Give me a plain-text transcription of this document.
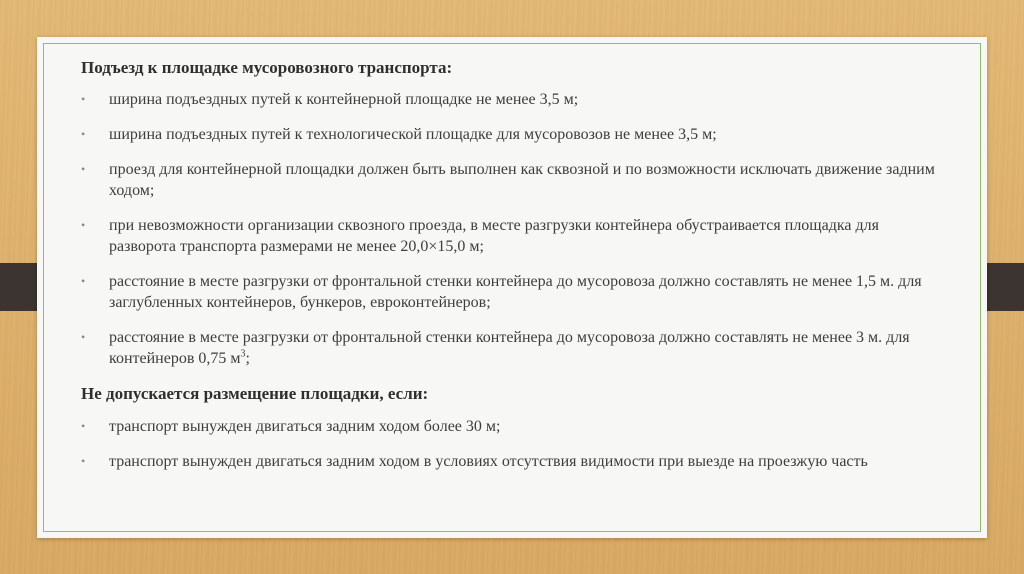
Подъезд к площадке мусоровозного транспорта:
• ширина подъездных путей к контейнерной площадке не менее 3,5 м;
• ширина подъездных путей к технологической площадке для мусоровозов не менее 3,5 м;
• проезд для контейнерной площадки должен быть выполнен как сквозной и по возможности исключать движение задним ходом;
• при невозможности организации сквозного проезда, в месте разгрузки контейнера обустраивается площадка для разворота транспорта размерами не менее 20,0×15,0 м;
• расстояние в месте разгрузки от фронтальной стенки контейнера до мусоровоза должно составлять не менее 1,5 м. для заглубленных контейнеров, бункеров, евроконтейнеров;
• расстояние в месте разгрузки от фронтальной стенки контейнера до мусоровоза должно составлять не менее 3 м. для контейнеров 0,75 $м^3$;
Не допускается размещение площадки, если:
• транспорт вынужден двигаться задним ходом более 30 м;
• транспорт вынужден двигаться задним ходом в условиях отсутствия видимости при выезде на проезжую часть
